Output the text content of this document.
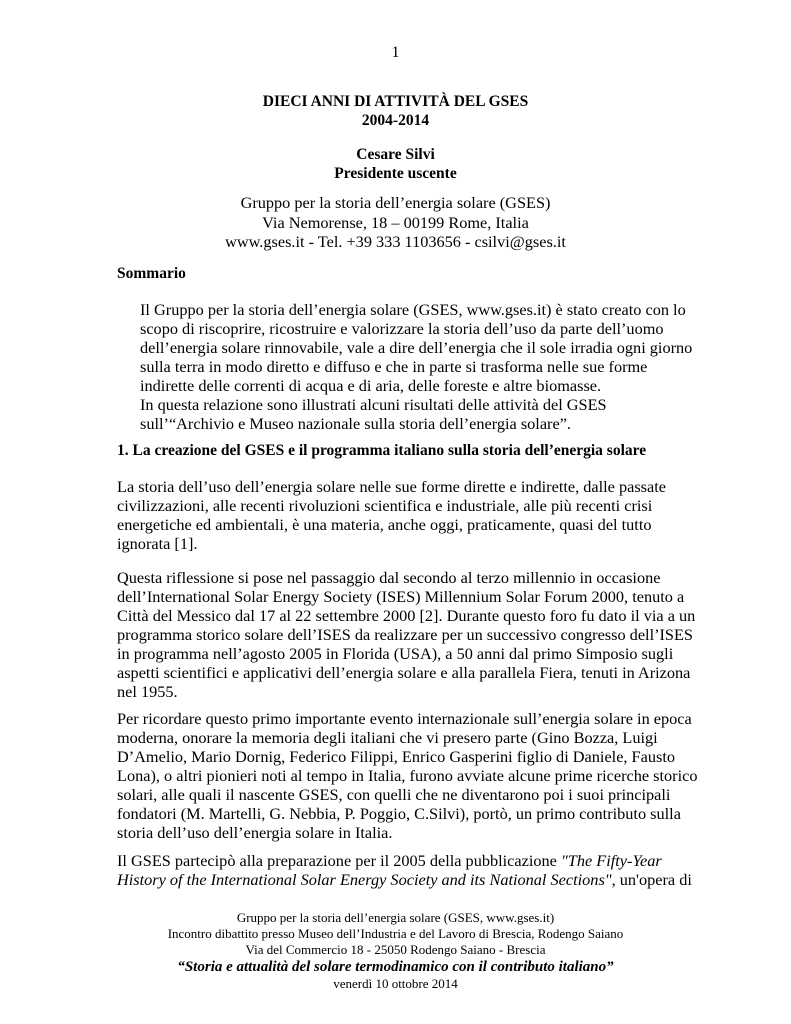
1
DIECI ANNI DI ATTIVITÀ DEL GSES
2004-2014
Cesare Silvi
Presidente uscente
Gruppo per la storia dell’energia solare (GSES)
Via Nemorense, 18 – 00199 Rome, Italia
www.gses.it - Tel. +39 333 1103656 - csilvi@gses.it
Sommario
Il Gruppo per la storia dell’energia solare (GSES, www.gses.it) è stato creato con lo
scopo di riscoprire, ricostruire e valorizzare la storia dell’uso da parte dell’uomo
dell’energia solare rinnovabile, vale a dire dell’energia che il sole irradia ogni giorno
sulla terra in modo diretto e diffuso e che in parte si trasforma nelle sue forme
indirette delle correnti di acqua e di aria, delle foreste e altre biomasse.
In questa relazione sono illustrati alcuni risultati delle attività del GSES
sull’“Archivio e Museo nazionale sulla storia dell’energia solare”.
1. La creazione del GSES e il programma italiano sulla storia dell’energia solare
La storia dell’uso dell’energia solare nelle sue forme dirette e indirette, dalle passate
civilizzazioni, alle recenti rivoluzioni scientifica e industriale, alle più recenti crisi
energetiche ed ambientali, è una materia, anche oggi, praticamente, quasi del tutto
ignorata [1].
Questa riflessione si pose nel passaggio dal secondo al terzo millennio in occasione
dell’International Solar Energy Society (ISES) Millennium Solar Forum 2000, tenuto a
Città del Messico dal 17 al 22 settembre 2000 [2]. Durante questo foro fu dato il via a un
programma storico solare dell’ISES da realizzare per un successivo congresso dell’ISES
in programma nell’agosto 2005 in Florida (USA), a 50 anni dal primo Simposio sugli
aspetti scientifici e applicativi dell’energia solare e alla parallela Fiera, tenuti in Arizona
nel 1955.
Per ricordare questo primo importante evento internazionale sull’energia solare in epoca
moderna, onorare la memoria degli italiani che vi presero parte (Gino Bozza, Luigi
D’Amelio, Mario Dornig, Federico Filippi, Enrico Gasperini figlio di Daniele, Fausto
Lona), o altri pionieri noti al tempo in Italia, furono avviate alcune prime ricerche storico
solari, alle quali il nascente GSES, con quelli che ne diventarono poi i suoi principali
fondatori (M. Martelli, G. Nebbia, P. Poggio, C.Silvi), portò, un primo contributo sulla
storia dell’uso dell’energia solare in Italia.
Il GSES partecipò alla preparazione per il 2005 della pubblicazione "The Fifty-Year
History of the International Solar Energy Society and its National Sections", un'opera di
Gruppo per la storia dell’energia solare (GSES, www.gses.it)
Incontro dibattito presso Museo dell’Industria e del Lavoro di Brescia, Rodengo Saiano
Via del Commercio 18 - 25050 Rodengo Saiano - Brescia
“Storia e attualità del solare termodinamico con il contributo italiano”
venerdì 10 ottobre 2014
